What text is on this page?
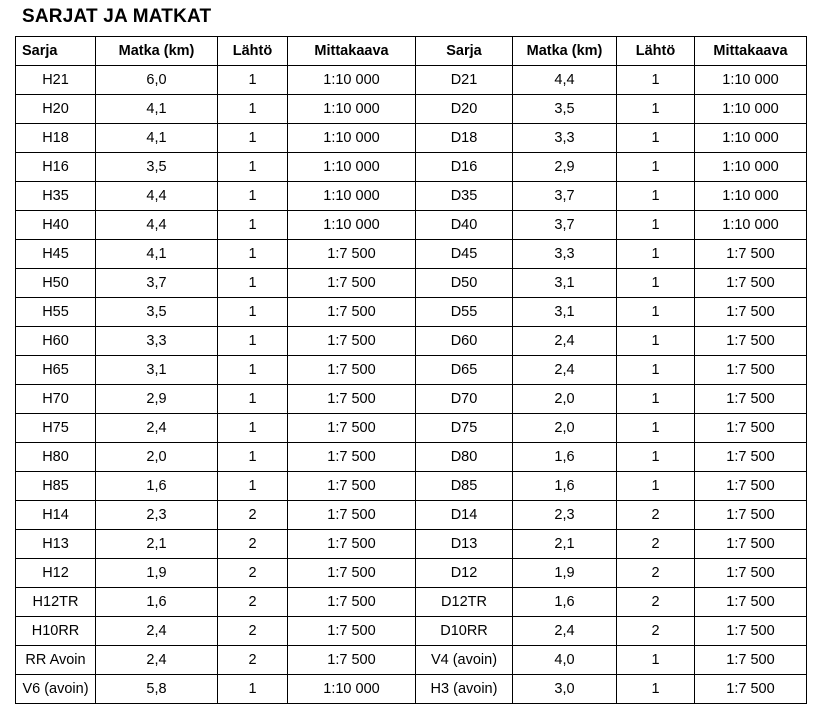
SARJAT JA MATKAT
Sarja	Matka (km)	Lähtö	Mittakaava	Sarja	Matka (km)	Lähtö	Mittakaava
H21	6,0	1	1:10 000	D21	4,4	1	1:10 000
H20	4,1	1	1:10 000	D20	3,5	1	1:10 000
H18	4,1	1	1:10 000	D18	3,3	1	1:10 000
H16	3,5	1	1:10 000	D16	2,9	1	1:10 000
H35	4,4	1	1:10 000	D35	3,7	1	1:10 000
H40	4,4	1	1:10 000	D40	3,7	1	1:10 000
H45	4,1	1	1:7 500	D45	3,3	1	1:7 500
H50	3,7	1	1:7 500	D50	3,1	1	1:7 500
H55	3,5	1	1:7 500	D55	3,1	1	1:7 500
H60	3,3	1	1:7 500	D60	2,4	1	1:7 500
H65	3,1	1	1:7 500	D65	2,4	1	1:7 500
H70	2,9	1	1:7 500	D70	2,0	1	1:7 500
H75	2,4	1	1:7 500	D75	2,0	1	1:7 500
H80	2,0	1	1:7 500	D80	1,6	1	1:7 500
H85	1,6	1	1:7 500	D85	1,6	1	1:7 500
H14	2,3	2	1:7 500	D14	2,3	2	1:7 500
H13	2,1	2	1:7 500	D13	2,1	2	1:7 500
H12	1,9	2	1:7 500	D12	1,9	2	1:7 500
H12TR	1,6	2	1:7 500	D12TR	1,6	2	1:7 500
H10RR	2,4	2	1:7 500	D10RR	2,4	2	1:7 500
RR Avoin	2,4	2	1:7 500	V4 (avoin)	4,0	1	1:7 500
V6 (avoin)	5,8	1	1:10 000	H3 (avoin)	3,0	1	1:7 500
